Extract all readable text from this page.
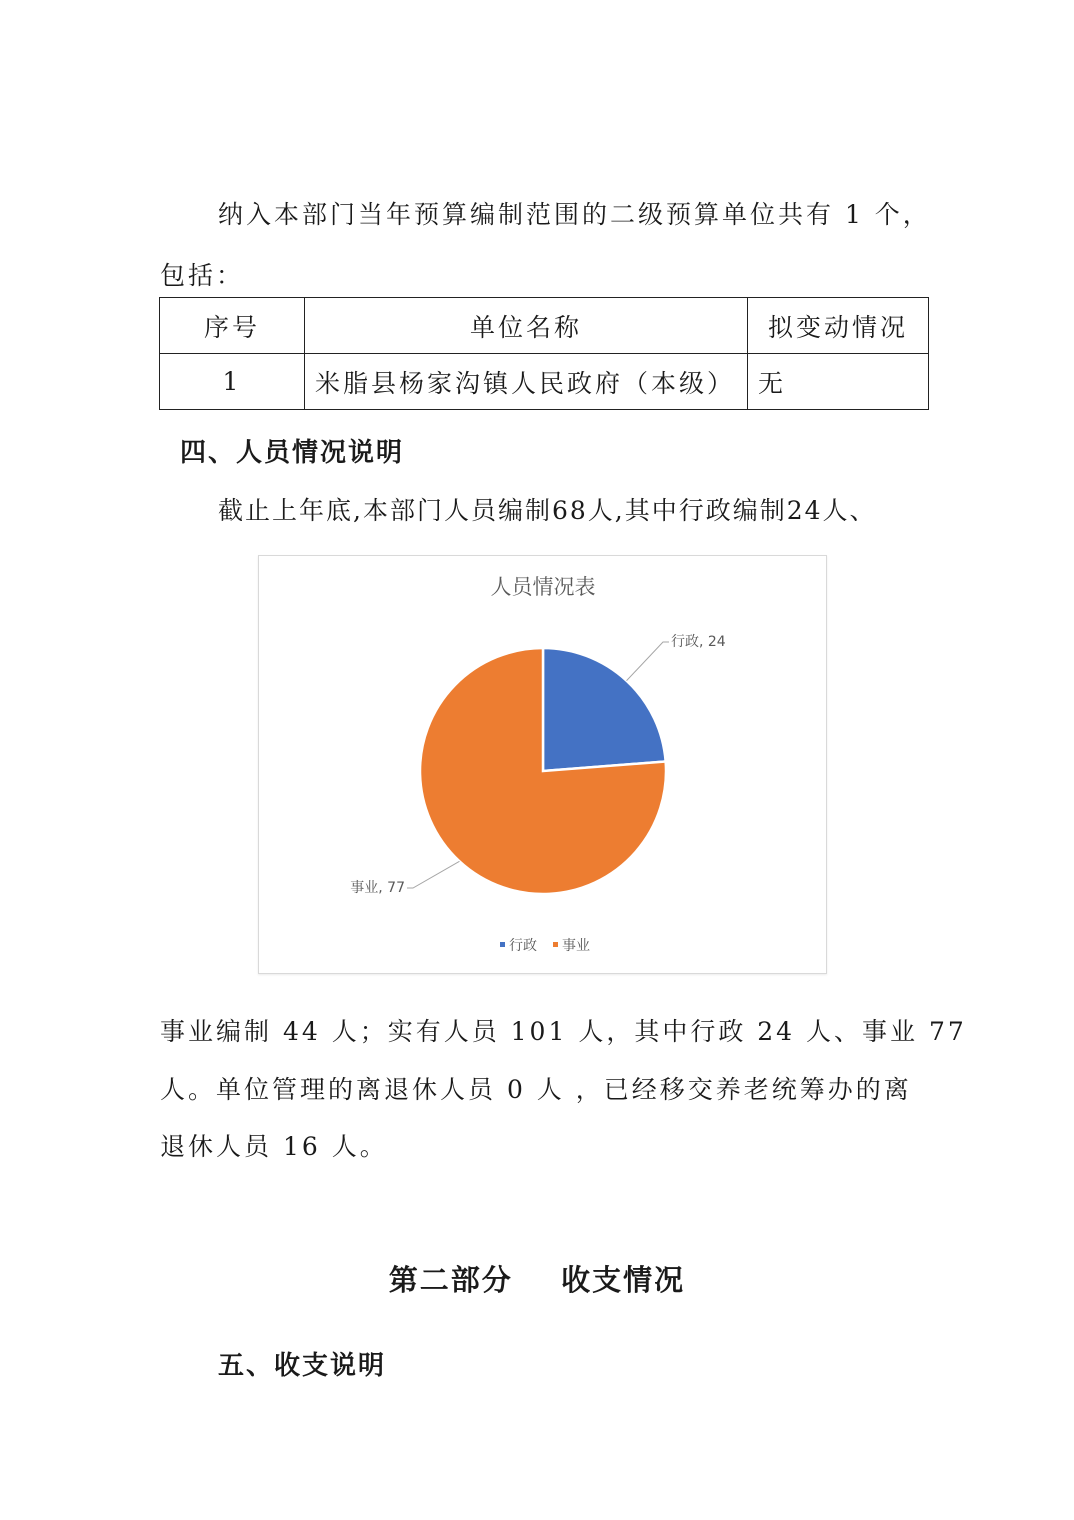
纳入本部门当年预算编制范围的二级预算单位共有 1 个，
包括：
序号	单位名称	拟变动情况
1	米脂县杨家沟镇人民政府（本级）	无
四、人员情况说明
截止上年底,本部门人员编制68人,其中行政编制24人、
人员情况表
行政, 24
事业, 77
行政 事业
事业编制 44 人；实有人员 101 人，其中行政 24 人、事业 77
人。单位管理的离退休人员 0 人 ，已经移交养老统筹办的离
退休人员 16 人。
第二部分    收支情况
五、收支说明
